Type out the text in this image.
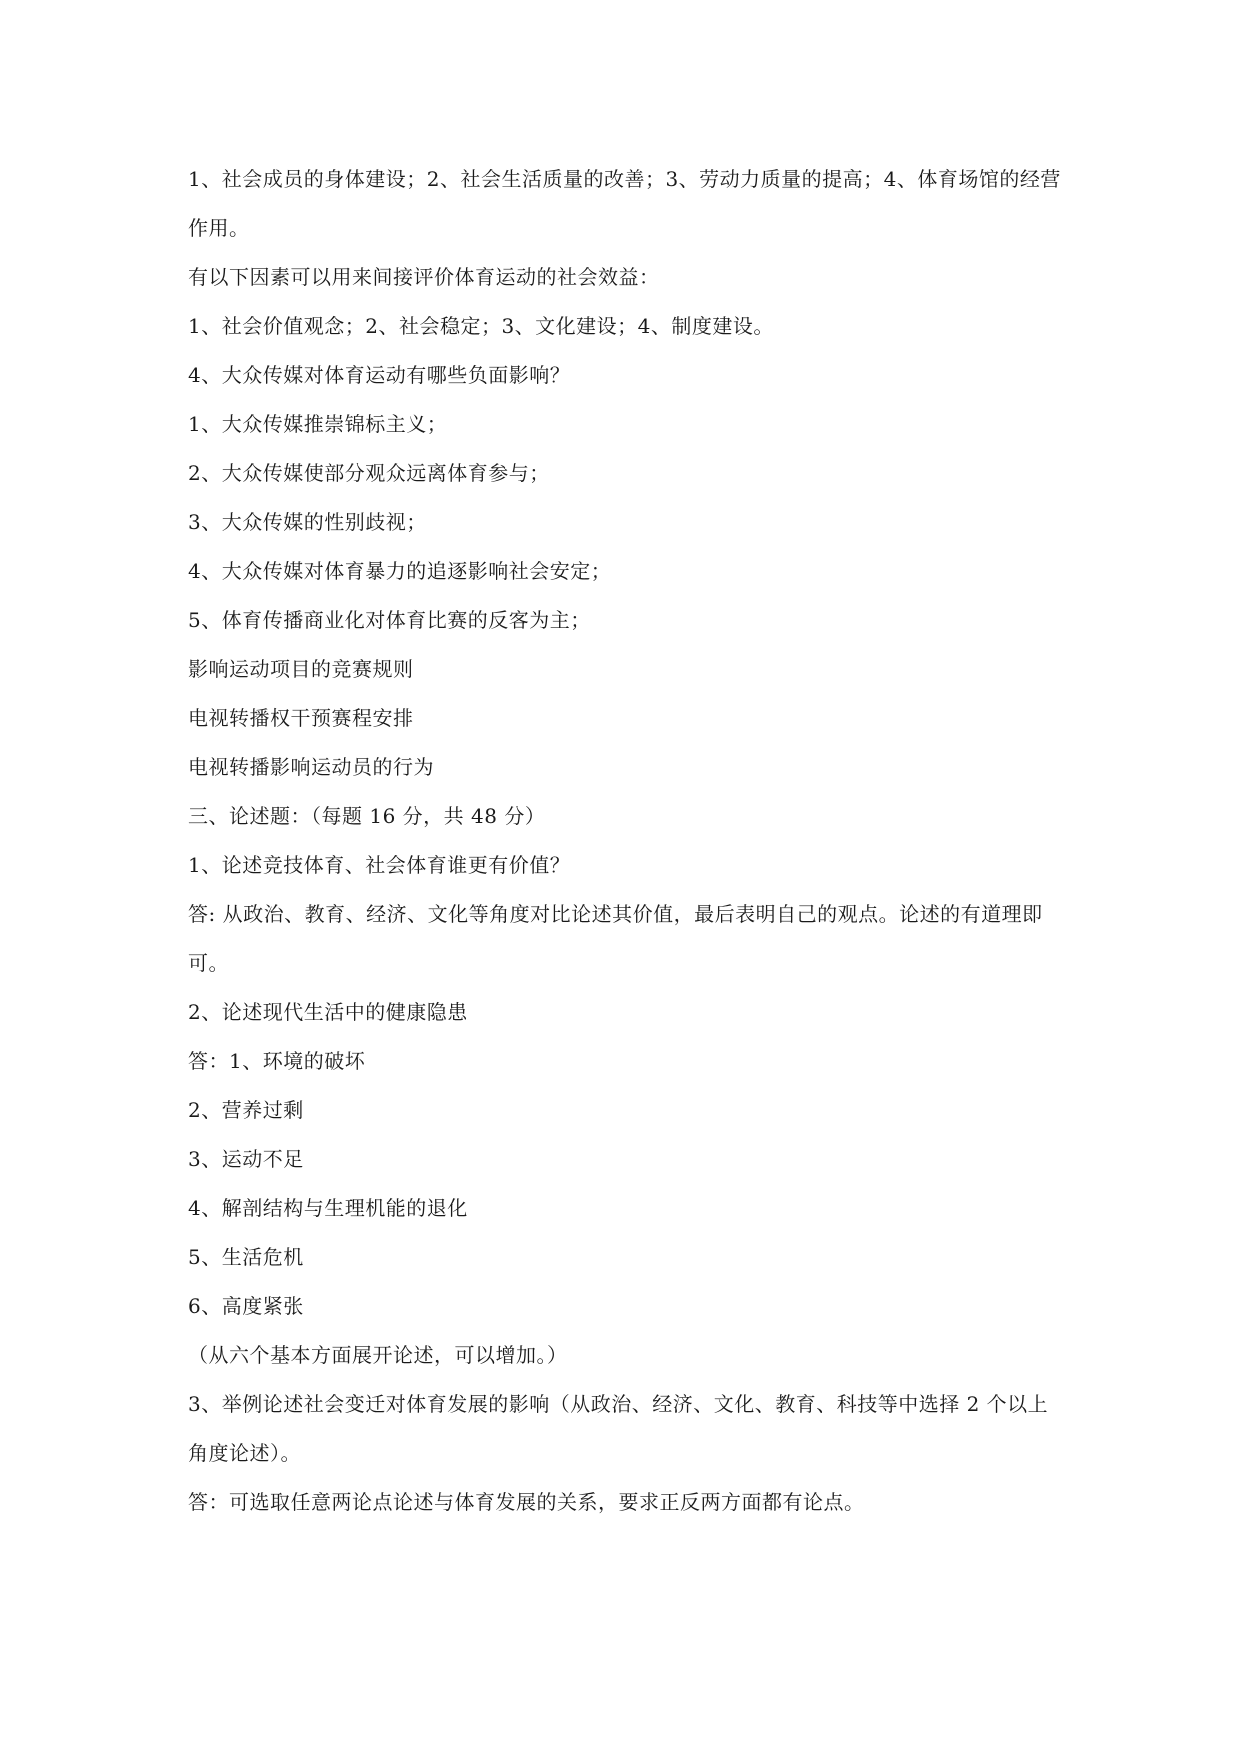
1、社会成员的身体建设；2、社会生活质量的改善；3、劳动力质量的提高；4、体育场馆的经营
作用。
有以下因素可以用来间接评价体育运动的社会效益：
1、社会价值观念；2、社会稳定；3、文化建设；4、制度建设。
4、大众传媒对体育运动有哪些负面影响？
1、大众传媒推崇锦标主义；
2、大众传媒使部分观众远离体育参与；
3、大众传媒的性别歧视；
4、大众传媒对体育暴力的追逐影响社会安定；
5、体育传播商业化对体育比赛的反客为主；
影响运动项目的竞赛规则
电视转播权干预赛程安排
电视转播影响运动员的行为
三、论述题：（每题 16 分，共 48 分）
1、论述竞技体育、社会体育谁更有价值？
答: 从政治、教育、经济、文化等角度对比论述其价值，最后表明自己的观点。论述的有道理即
可。
2、论述现代生活中的健康隐患
答：1、环境的破坏
2、营养过剩
3、运动不足
4、解剖结构与生理机能的退化
5、生活危机
6、高度紧张
（从六个基本方面展开论述，可以增加。）
3、举例论述社会变迁对体育发展的影响（从政治、经济、文化、教育、科技等中选择 2 个以上
角度论述）。
答：可选取任意两论点论述与体育发展的关系，要求正反两方面都有论点。
